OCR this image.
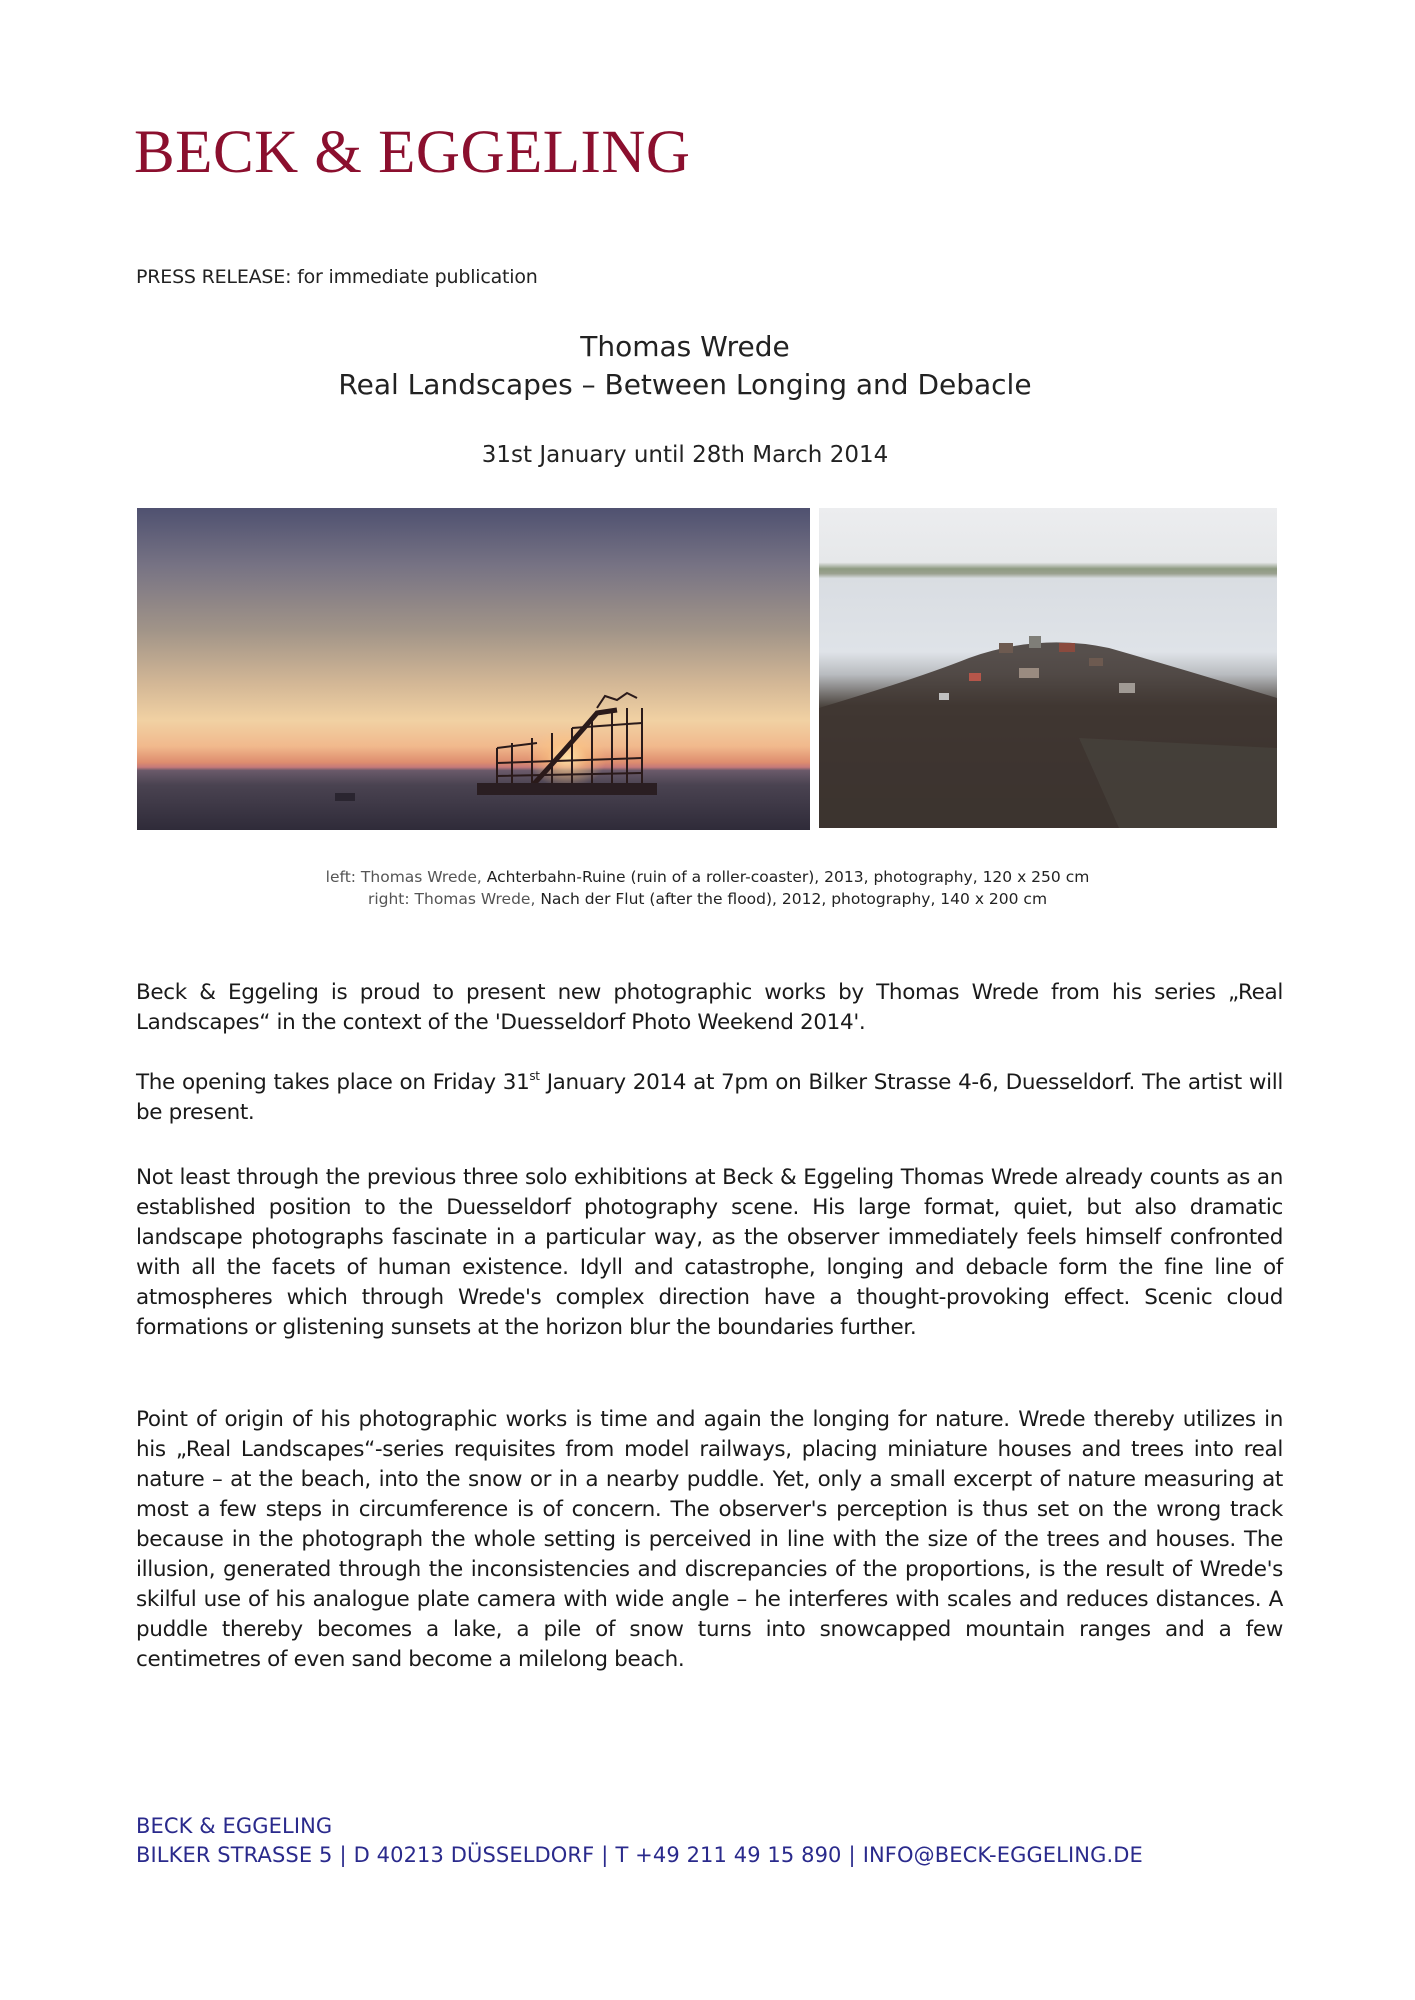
BECK & EGGELING
PRESS RELEASE: for immediate publication
Thomas Wrede
Real Landscapes – Between Longing and Debacle
31st January until 28th March 2014
left: Thomas Wrede, Achterbahn-Ruine (ruin of a roller-coaster), 2013, photography, 120 x 250 cm
right: Thomas Wrede, Nach der Flut (after the flood), 2012, photography, 140 x 200 cm

Beck & Eggeling is proud to present new photographic works by Thomas Wrede from his series „Real Landscapes“ in the context of the 'Duesseldorf Photo Weekend 2014'.

The opening takes place on Friday 31st January 2014 at 7pm on Bilker Strasse 4-6, Duesseldorf. The artist will be present.

Not least through the previous three solo exhibitions at Beck & Eggeling Thomas Wrede already counts as an established position to the Duesseldorf photography scene. His large format, quiet, but also dramatic landscape photographs fascinate in a particular way, as the observer immediately feels himself confronted with all the facets of human existence. Idyll and catastrophe, longing and debacle form the fine line of atmospheres which through Wrede's complex direction have a thought-provoking effect. Scenic cloud formations or glistening sunsets at the horizon blur the boundaries further.

Point of origin of his photographic works is time and again the longing for nature. Wrede thereby utilizes in his „Real Landscapes“-series requisites from model railways, placing miniature houses and trees into real nature – at the beach, into the snow or in a nearby puddle. Yet, only a small excerpt of nature measuring at most a few steps in circumference is of concern. The observer's perception is thus set on the wrong track because in the photograph the whole setting is perceived in line with the size of the trees and houses. The illusion, generated through the inconsistencies and discrepancies of the proportions, is the result of Wrede's skilful use of his analogue plate camera with wide angle – he interferes with scales and reduces distances. A puddle thereby becomes a lake, a pile of snow turns into snowcapped mountain ranges and a few centimetres of even sand become a milelong beach.

BECK & EGGELING
BILKER STRASSE 5 | D 40213 DÜSSELDORF | T +49 211 49 15 890 | INFO@BECK-EGGELING.DE
